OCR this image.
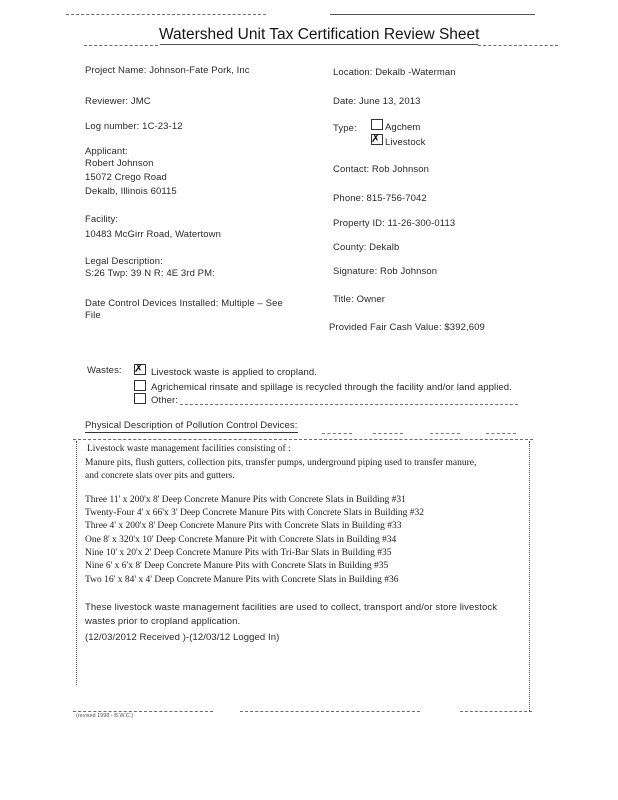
Watershed Unit Tax Certification Review Sheet
Project Name: Johnson-Fate Pork, Inc
Reviewer: JMC
Log number: 1C-23-12
Applicant:
Robert Johnson
15072 Crego Road
Dekalb, Illinois 60115
Facility:
10483 McGirr Road, Watertown
Legal Description:
S:26 Twp: 39 N R: 4E 3rd PM:
Date Control Devices Installed: Multiple – See
File
Location: Dekalb -Waterman
Date: June 13, 2013
Type:	Agchem
✗ Livestock
Contact: Rob Johnson
Phone: 815-756-7042
Property ID: 11-26-300-0113
County: Dekalb
Signature: Rob Johnson
Title: Owner
Provided Fair Cash Value: $392,609
Wastes: ✗ Livestock waste is applied to cropland.
Agrichemical rinsate and spillage is recycled through the facility and/or land applied.
Other:
Physical Description of Pollution Control Devices:
Livestock waste management facilities consisting of :
Manure pits, flush gutters, collection pits, transfer pumps, underground piping used to transfer manure,
and concrete slats over pits and gutters.
Three 11' x 200'x 8' Deep Concrete Manure Pits with Concrete Slats in Building #31
Twenty-Four 4' x 66'x 3' Deep Concrete Manure Pits with Concrete Slats in Building #32
Three 4' x 200'x 8' Deep Concrete Manure Pits with Concrete Slats in Building #33
One 8' x 320'x 10' Deep Concrete Manure Pit with Concrete Slats in Building #34
Nine 10' x 20'x 2' Deep Concrete Manure Pits with Tri-Bar Slats in Building #35
Nine 6' x 6'x 8' Deep Concrete Manure Pits with Concrete Slats in Building #35
Two 16' x 84' x 4' Deep Concrete Manure Pits with Concrete Slats in Building #36
These livestock waste management facilities are used to collect, transport and/or store livestock
wastes prior to cropland application.
(12/03/2012 Received )-(12/03/12 Logged In)
(revised 1998 - B.W.C.)
